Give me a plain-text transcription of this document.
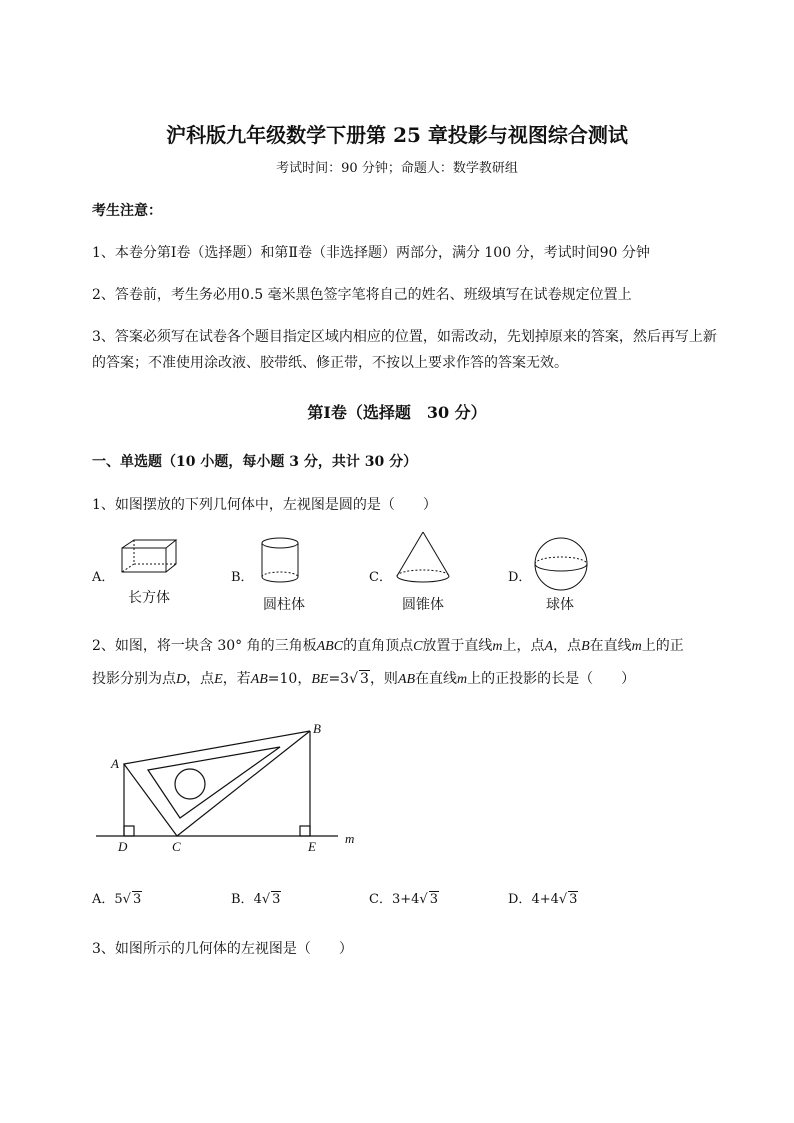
沪科版九年级数学下册第 25 章投影与视图综合测试
考试时间：90 分钟；命题人：数学教研组
考生注意：
1、本卷分第Ⅰ卷（选择题）和第Ⅱ卷（非选择题）两部分，满分 100 分，考试时间90 分钟
2、答卷前，考生务必用0.5 毫米黑色签字笔将自己的姓名、班级填写在试卷规定位置上
3、答案必须写在试卷各个题目指定区域内相应的位置，如需改动，先划掉原来的答案，然后再写上新
的答案；不准使用涂改液、胶带纸、修正带，不按以上要求作答的答案无效。
第Ⅰ卷（选择题　30 分）
一、单选题（10 小题，每小题 3 分，共计 30 分）
1、如图摆放的下列几何体中，左视图是圆的是（　　）
A．
长方体
B．
圆柱体
C．
圆锥体
D．
球体
2、如图，将一块含 30° 角的三角板ABC的直角顶点C放置于直线m上，点A，点B在直线m上的正
投影分别为点D，点E，若AB=10，BE=3√ 3，则AB在直线m上的正投影的长是（　　）
A
B
C
D	E
m
A．5√ 3	B．4√ 3	C．3+4√ 3	D．4+4√ 3
3、如图所示的几何体的左视图是（　　）
